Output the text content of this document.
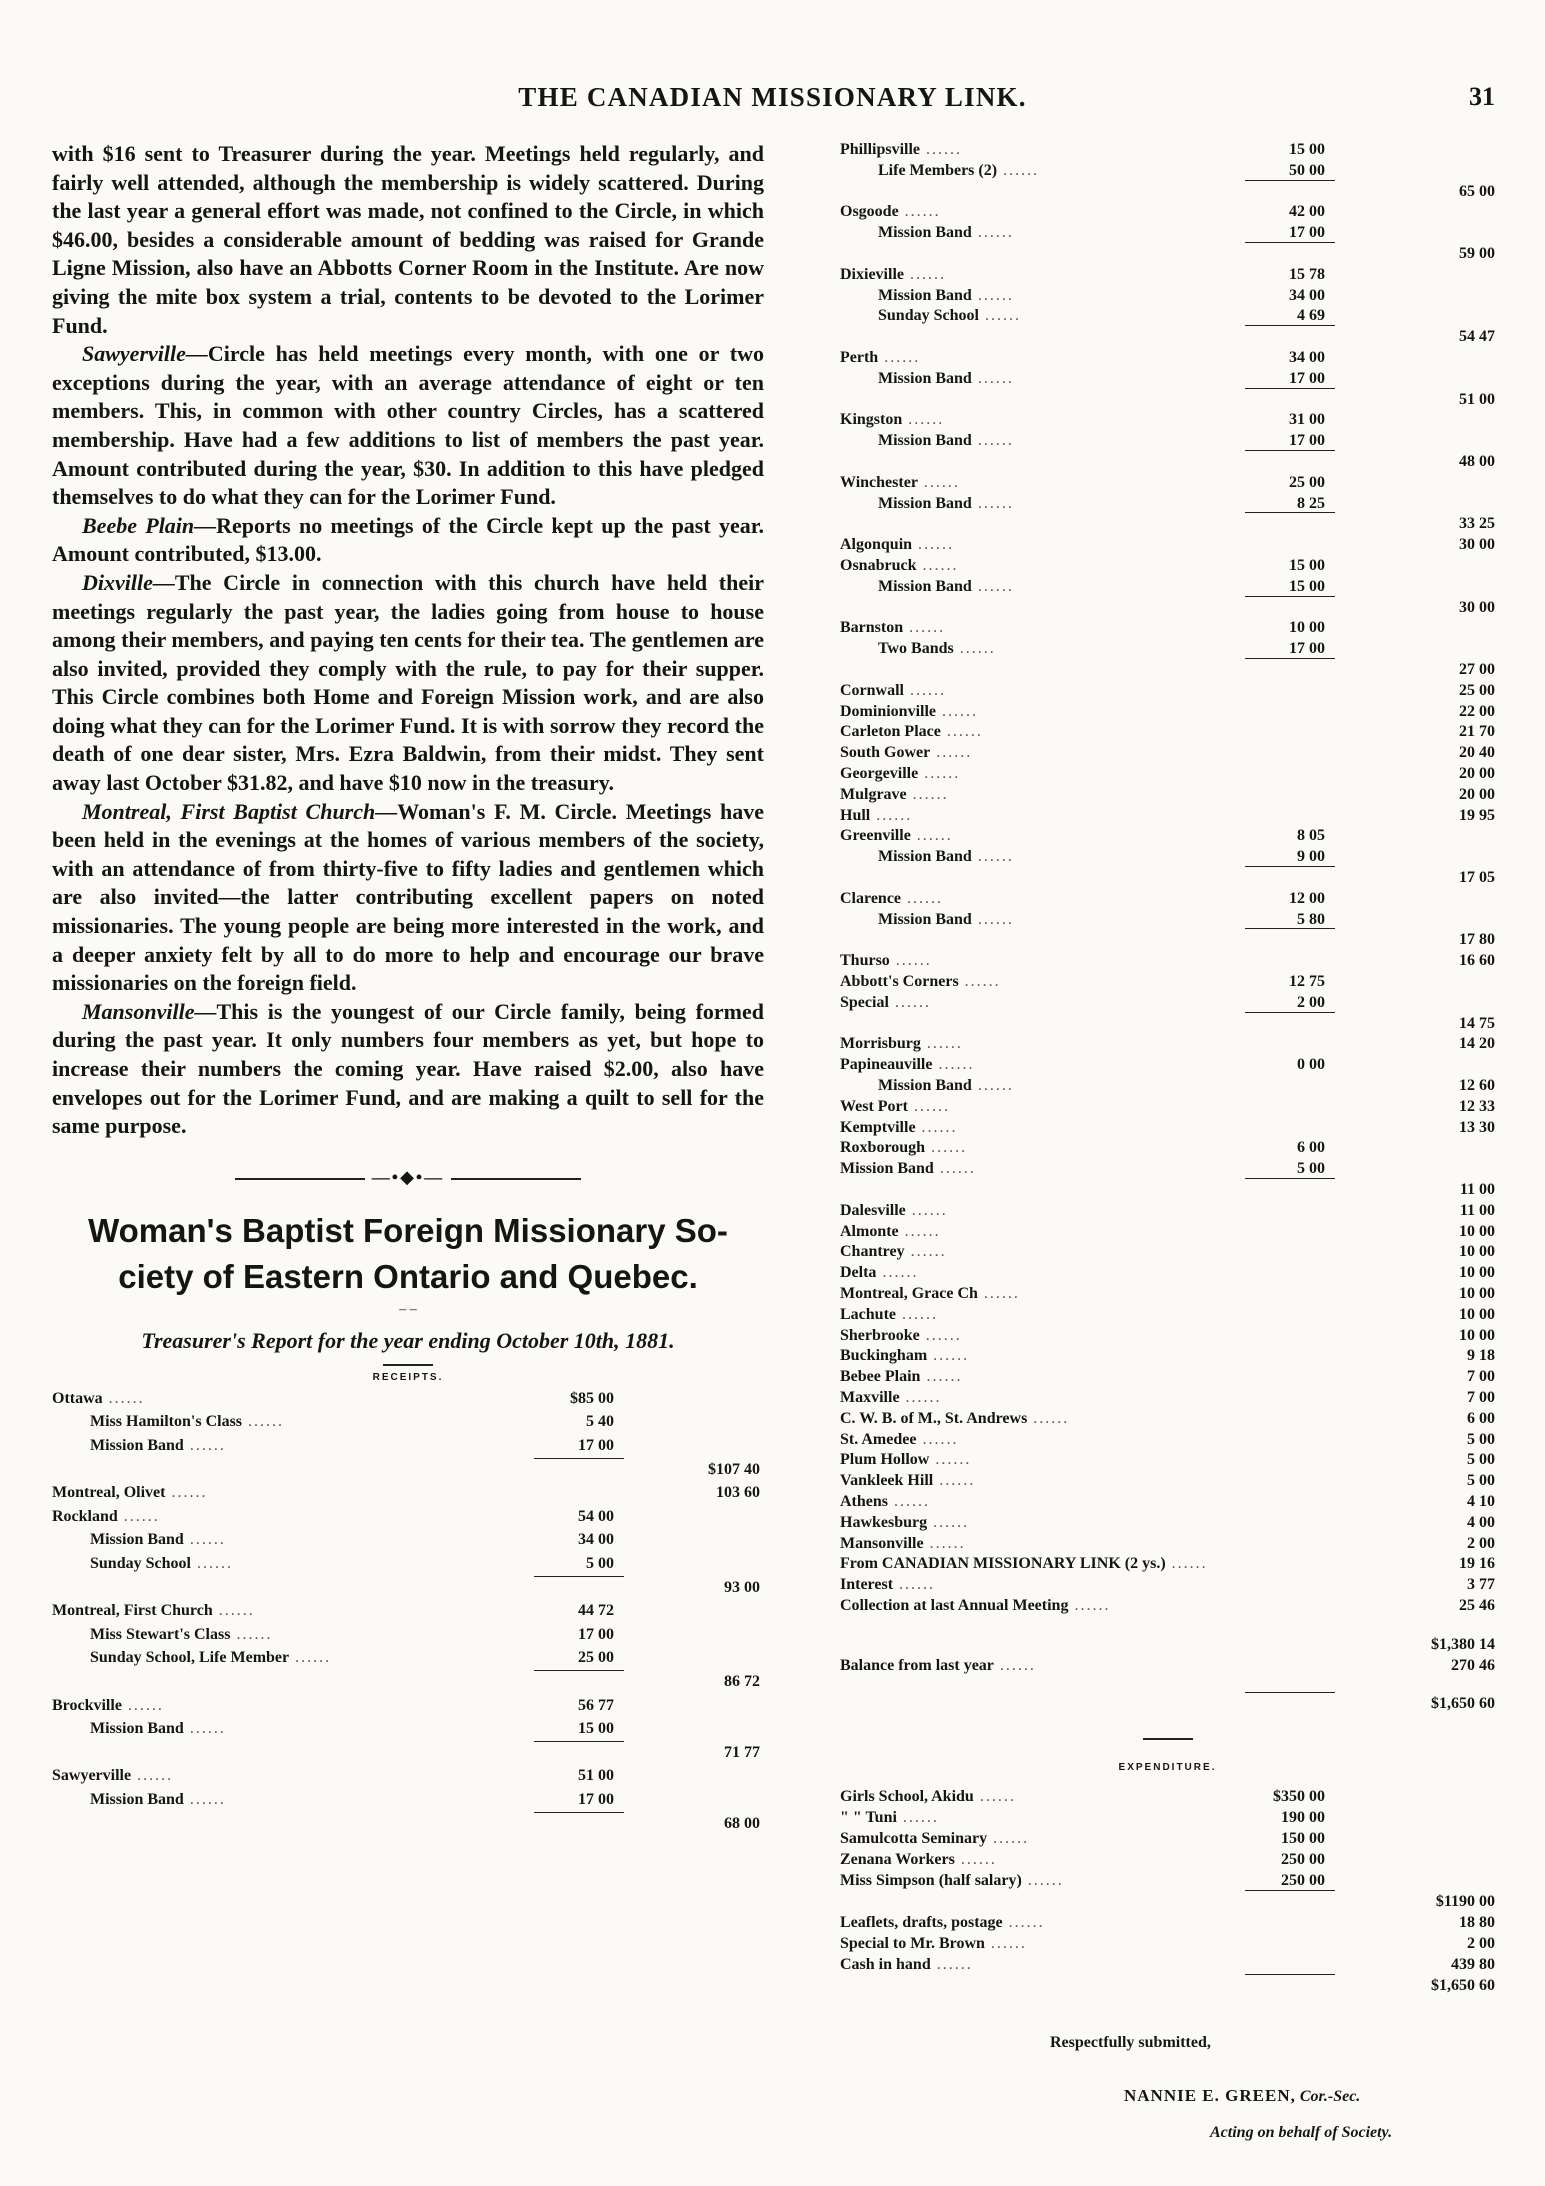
THE CANADIAN MISSIONARY LINK.	31

with $16 sent to Treasurer during the year. Meetings held regularly, and fairly well attended, although the membership is widely scattered. During the last year a general effort was made, not confined to the Circle, in which $46.00, besides a considerable amount of bedding was raised for Grande Ligne Mission, also have an Abbotts Corner Room in the Institute. Are now giving the mite box system a trial, contents to be devoted to the Lorimer Fund.

Sawyerville—Circle has held meetings every month, with one or two exceptions during the year, with an average attendance of eight or ten members. This, in common with other country Circles, has a scattered membership. Have had a few additions to list of members the past year. Amount contributed during the year, $30. In addition to this have pledged themselves to do what they can for the Lorimer Fund.

Beebe Plain—Reports no meetings of the Circle kept up the past year. Amount contributed, $13.00.

Dixville—The Circle in connection with this church have held their meetings regularly the past year, the ladies going from house to house among their members, and paying ten cents for their tea. The gentlemen are also invited, provided they comply with the rule, to pay for their supper. This Circle combines both Home and Foreign Mission work, and are also doing what they can for the Lorimer Fund. It is with sorrow they record the death of one dear sister, Mrs. Ezra Baldwin, from their midst. They sent away last October $31.82, and have $10 now in the treasury.

Montreal, First Baptist Church—Woman's F. M. Circle. Meetings have been held in the evenings at the homes of various members of the society, with an attendance of from thirty-five to fifty ladies and gentlemen which are also invited—the latter contributing excellent papers on noted missionaries. The young people are being more interested in the work, and a deeper anxiety felt by all to do more to help and encourage our brave missionaries on the foreign field.

Mansonville—This is the youngest of our Circle family, being formed during the past year. It only numbers four members as yet, but hope to increase their numbers the coming year. Have raised $2.00, also have envelopes out for the Lorimer Fund, and are making a quilt to sell for the same purpose.

—•◆•—

Woman's Baptist Foreign Missionary So-
ciety of Eastern Ontario and Quebec.

– –

Treasurer's Report for the year ending October 10th, 1881.

RECEIPTS.
Ottawa ......	$85 00
Miss Hamilton's Class ......	5 40
Mission Band ......	17 00
$107 40
Montreal, Olivet ......	103 60
Rockland ......	54 00
Mission Band ......	34 00
Sunday School ......	5 00
93 00
Montreal, First Church ......	44 72
Miss Stewart's Class ......	17 00
Sunday School, Life Member ......	25 00
86 72
Brockville ......	56 77
Mission Band ......	15 00
71 77
Sawyerville ......	51 00
Mission Band ......	17 00
68 00
Phillipsville ......	15 00
Life Members (2) ......	50 00
65 00
Osgoode ......	42 00
Mission Band ......	17 00
59 00
Dixieville ......	15 78
Mission Band ......	34 00
Sunday School ......	4 69
54 47
Perth ......	34 00
Mission Band ......	17 00
51 00
Kingston ......	31 00
Mission Band ......	17 00
48 00
Winchester ......	25 00
Mission Band ......	8 25
33 25
Algonquin ......	30 00
Osnabruck ......	15 00
Mission Band ......	15 00
30 00
Barnston ......	10 00
Two Bands ......	17 00
27 00
Cornwall ......	25 00
Dominionville ......	22 00
Carleton Place ......	21 70
South Gower ......	20 40
Georgeville ......	20 00
Mulgrave ......	20 00
Hull ......	19 95
Greenville ......	8 05
Mission Band ......	9 00
17 05
Clarence ......	12 00
Mission Band ......	5 80
17 80
Thurso ......	16 60
Abbott's Corners ......	12 75
Special ......	2 00
14 75
Morrisburg ......	14 20
Papineauville ......	0 00
Mission Band ......	12 60
West Port ......	12 33
Kemptville ......	13 30
Roxborough ......	6 00
Mission Band ......	5 00
11 00
Dalesville ......	11 00
Almonte ......	10 00
Chantrey ......	10 00
Delta ......	10 00
Montreal, Grace Ch ......	10 00
Lachute ......	10 00
Sherbrooke ......	10 00
Buckingham ......	9 18
Bebee Plain ......	7 00
Maxville ......	7 00
C. W. B. of M., St. Andrews ......	6 00
St. Amedee ......	5 00
Plum Hollow ......	5 00
Vankleek Hill ......	5 00
Athens ......	4 10
Hawkesburg ......	4 00
Mansonville ......	2 00
From CANADIAN MISSIONARY LINK (2 ys.) ......	19 16
Interest ......	3 77
Collection at last Annual Meeting ......	25 46
$1,380 14
Balance from last year ......	270 46
$1,650 60

EXPENDITURE.

Girls School, Akidu ......	$350 00
" " Tuni ......	190 00
Samulcotta Seminary ......	150 00
Zenana Workers ......	250 00
Miss Simpson (half salary) ......	250 00
$1190 00
Leaflets, drafts, postage ......	18 80
Special to Mr. Brown ......	2 00
Cash in hand ......	439 80
$1,650 60
Respectfully submitted,
NANNIE E. GREEN, Cor.-Sec.
Acting on behalf of Society.
